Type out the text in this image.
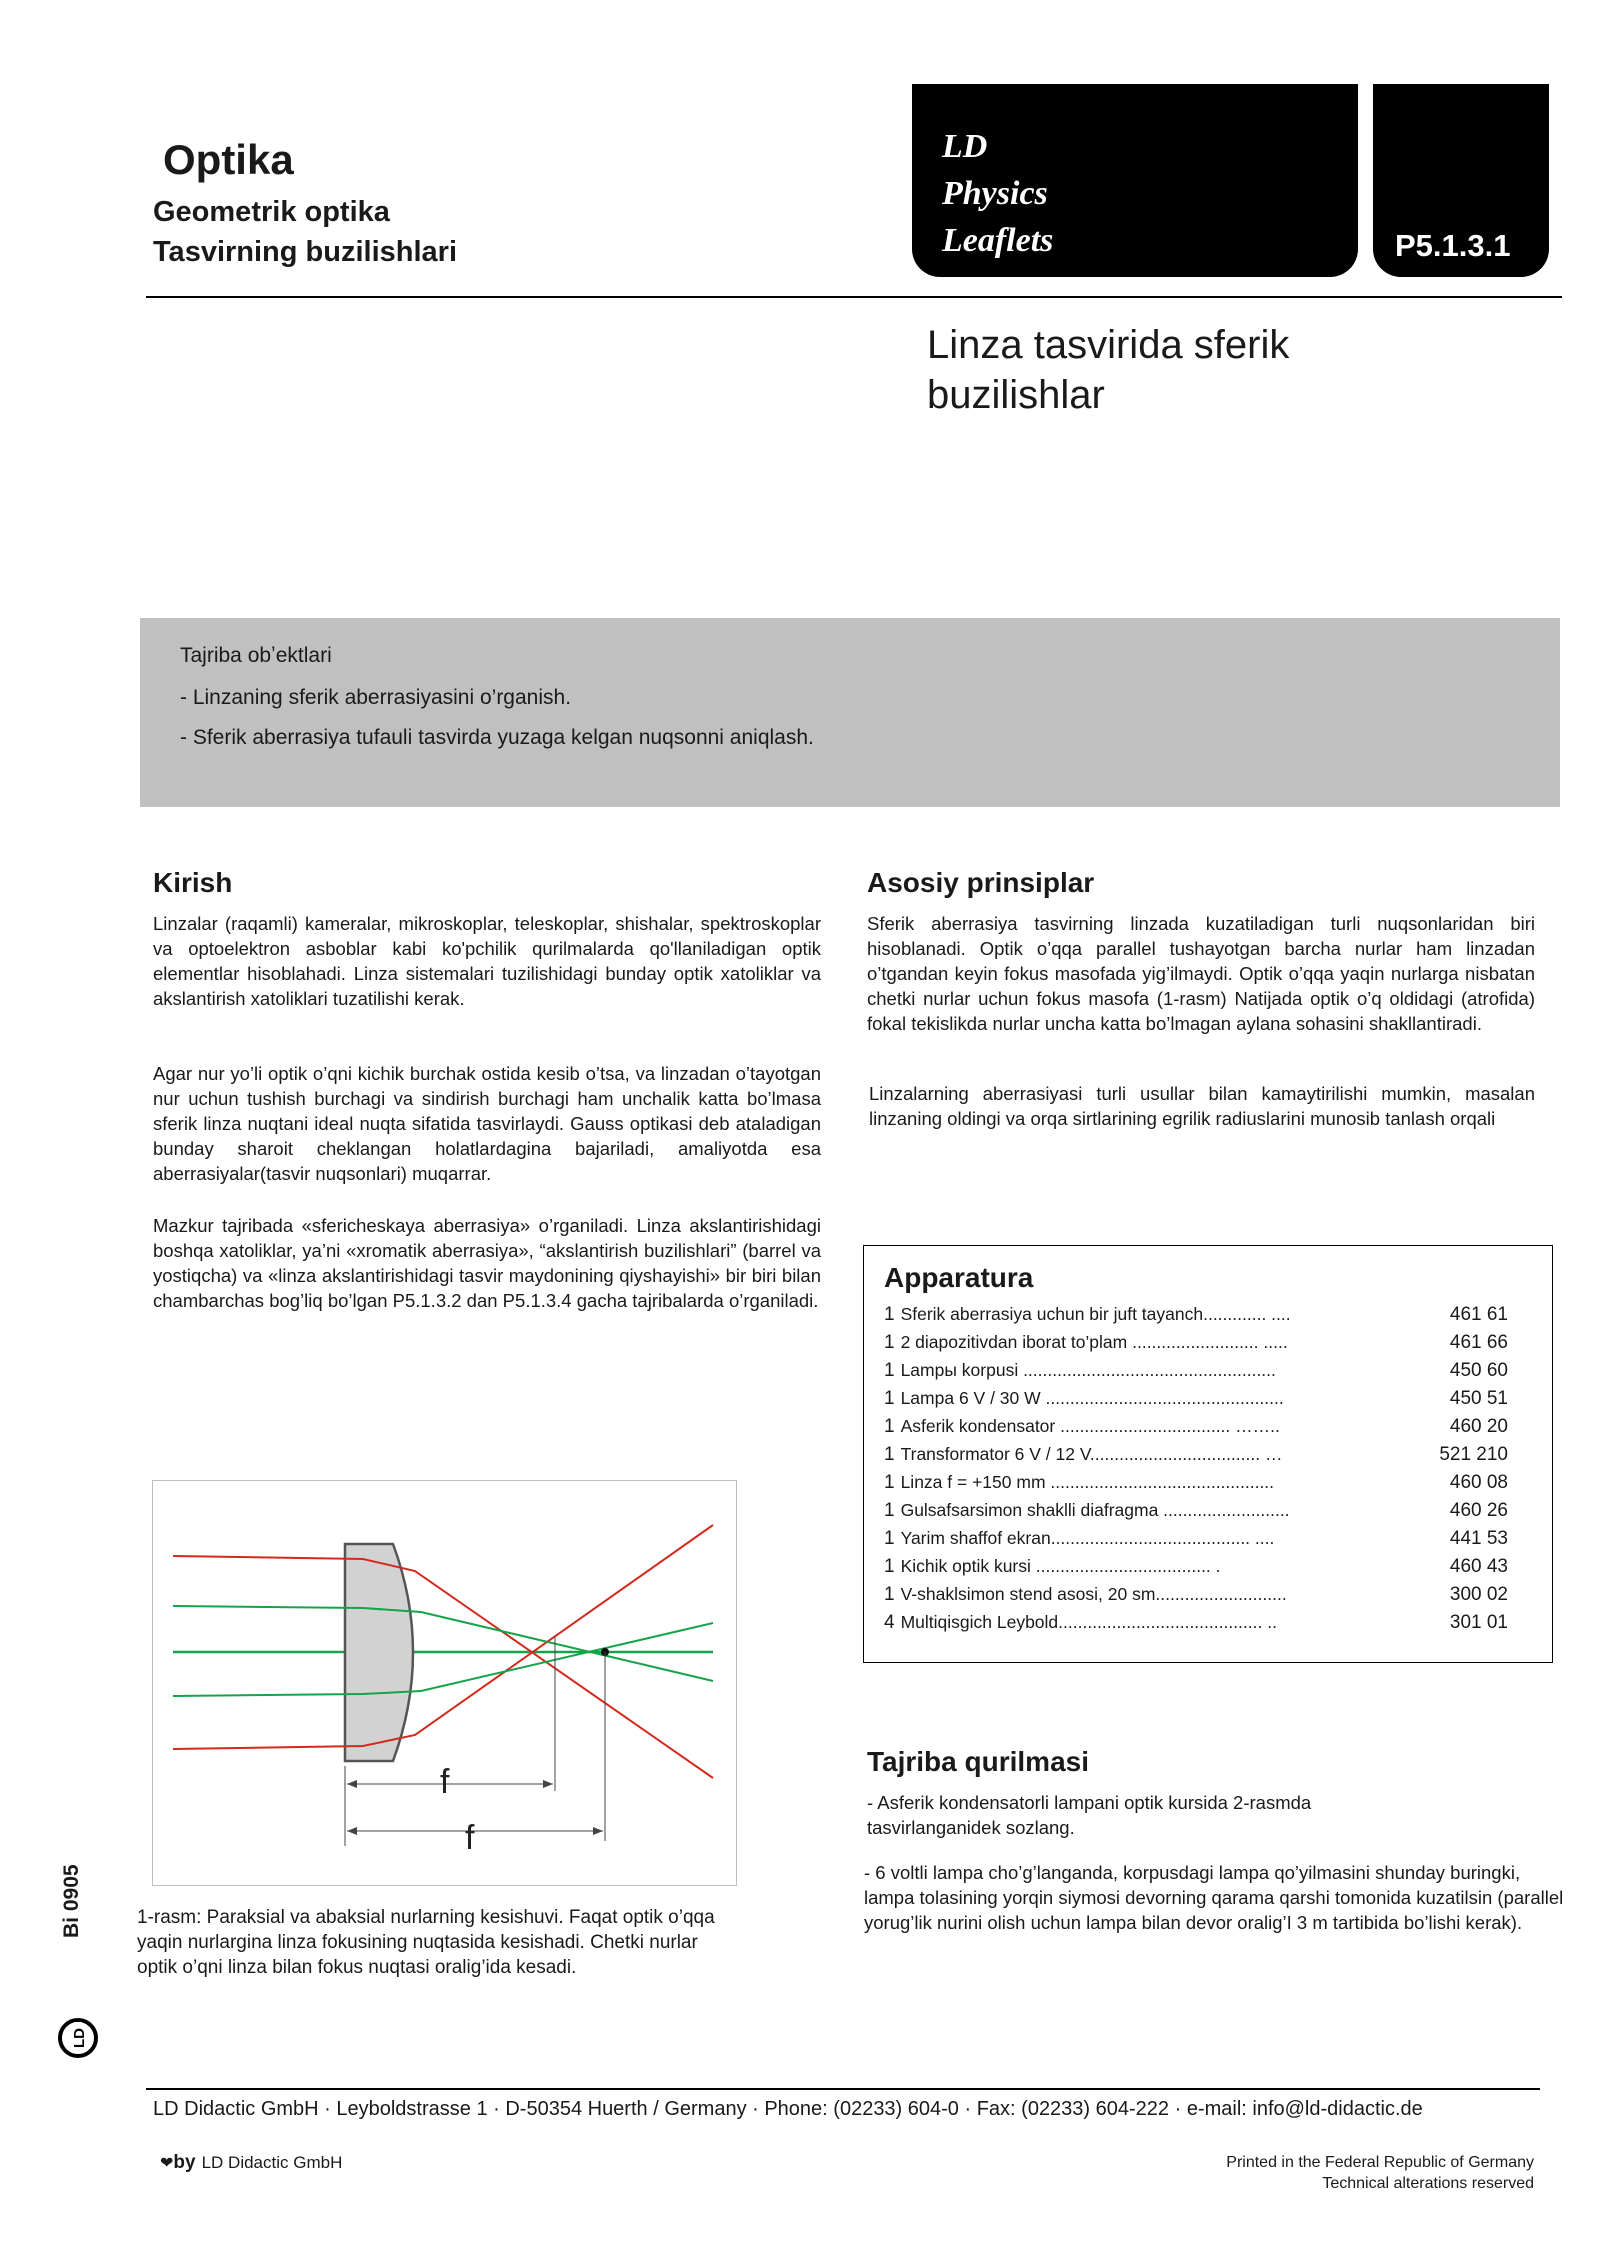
Optika
Geometrik optika
Tasvirning buzilishlari
LD
Physics
Leaflets	P5.1.3.1
Linza tasvirida sferik
buzilishlar
Tajriba obʼektlari
- Linzaning sferik aberrasiyasini o’rganish.
- Sferik aberrasiya tufauli tasvirda yuzaga kelgan nuqsonni aniqlash.
Kirish
Linzalar (raqamli) kameralar, mikroskoplar, teleskoplar, shishalar, spektroskoplar va optoelektron asboblar kabi ko'pchilik qurilmalarda qo'llaniladigan optik elementlar hisoblahadi. Linza sistemalari tuzilishidagi bunday optik xatoliklar va akslantirish xatoliklari tuzatilishi kerak.
Agar nur yo’li optik o’qni kichik burchak ostida kesib o’tsa, va linzadan o’tayotgan nur uchun tushish burchagi va sindirish burchagi ham unchalik katta bo’lmasa sferik linza nuqtani ideal nuqta sifatida tasvirlaydi. Gauss optikasi deb ataladigan bunday sharoit cheklangan holatlardagina bajariladi, amaliyotda esa aberrasiyalar(tasvir nuqsonlari) muqarrar.
Mazkur tajribada «sfericheskaya aberrasiya» o’rganiladi. Linza akslantirishidagi boshqa xatoliklar, ya’ni «xromatik aberrasiya», “akslantirish buzilishlari” (barrel va yostiqcha) va «linza akslantirishidagi tasvir maydonining qiyshayishi» bir biri bilan chambarchas bog’liq bo’lgan P5.1.3.2 dan P5.1.3.4 gacha tajribalarda o’rganiladi.
Asosiy prinsiplar
Sferik aberrasiya tasvirning linzada kuzatiladigan turli nuqsonlaridan biri hisoblanadi. Optik o’qqa parallel tushayotgan barcha nurlar ham linzadan o’tgandan keyin fokus masofada yig’ilmaydi. Optik o’qqa yaqin nurlarga nisbatan chetki nurlar uchun fokus masofa (1-rasm) Natijada optik o’q oldidagi (atrofida) fokal tekislikda nurlar uncha katta bo’lmagan aylana sohasini shakllantiradi.
Linzalarning aberrasiyasi turli usullar bilan kamaytirilishi mumkin, masalan linzaning oldingi va orqa sirtlarining egrilik radiuslarini munosib tanlash orqali
Apparatura
1 Sferik aberrasiya uchun bir juft tayanch............. ....	461 61
1 2 diapozitivdan iborat to’plam .......................... .....	461 66
1 Lampы korpusi ....................................................	450 60
1 Lampa 6 V / 30 W .................................................	450 51
1 Asferik kondensator ................................... ……..	460 20
1 Transformator 6 V / 12 V................................... …	521 210
1 Linza f = +150 mm ..............................................	460 08
1 Gulsafsarsimon shaklli diafragma ..........................	460 26
1 Yarim shaffof ekran......................................... ....	441 53
1 Kichik optik kursi .................................... .	460 43
1 V-shaklsimon stend asosi, 20 sm...........................	300 02
4 Multiqisgich Leybold.......................................... ..	301 01
f
f
1-rasm: Paraksial va abaksial nurlarning kesishuvi. Faqat optik o’qqa yaqin nurlargina linza fokusining nuqtasida kesishadi. Chetki nurlar optik o’qni linza bilan fokus nuqtasi oralig’ida kesadi.
Tajriba qurilmasi
- Asferik kondensatorli lampani optik kursida 2-rasmda tasvirlanganidek sozlang.
- 6 voltli lampa cho’g’langanda, korpusdagi lampa qo’yilmasini shunday buringki, lampa tolasining yorqin siymosi devorning qarama qarshi tomonida kuzatilsin (parallel yorug’lik nurini olish uchun lampa bilan devor oralig’I 3 m tartibida bo’lishi kerak).
Bi 0905
LD
LD Didactic GmbH · Leyboldstrasse 1 · D-50354 Huerth / Germany · Phone: (02233) 604-0 · Fax: (02233) 604-222 · e-mail: info@ld-didactic.de
❤by LD Didactic GmbH	Printed in the Federal Republic of Germany
Technical alterations reserved
